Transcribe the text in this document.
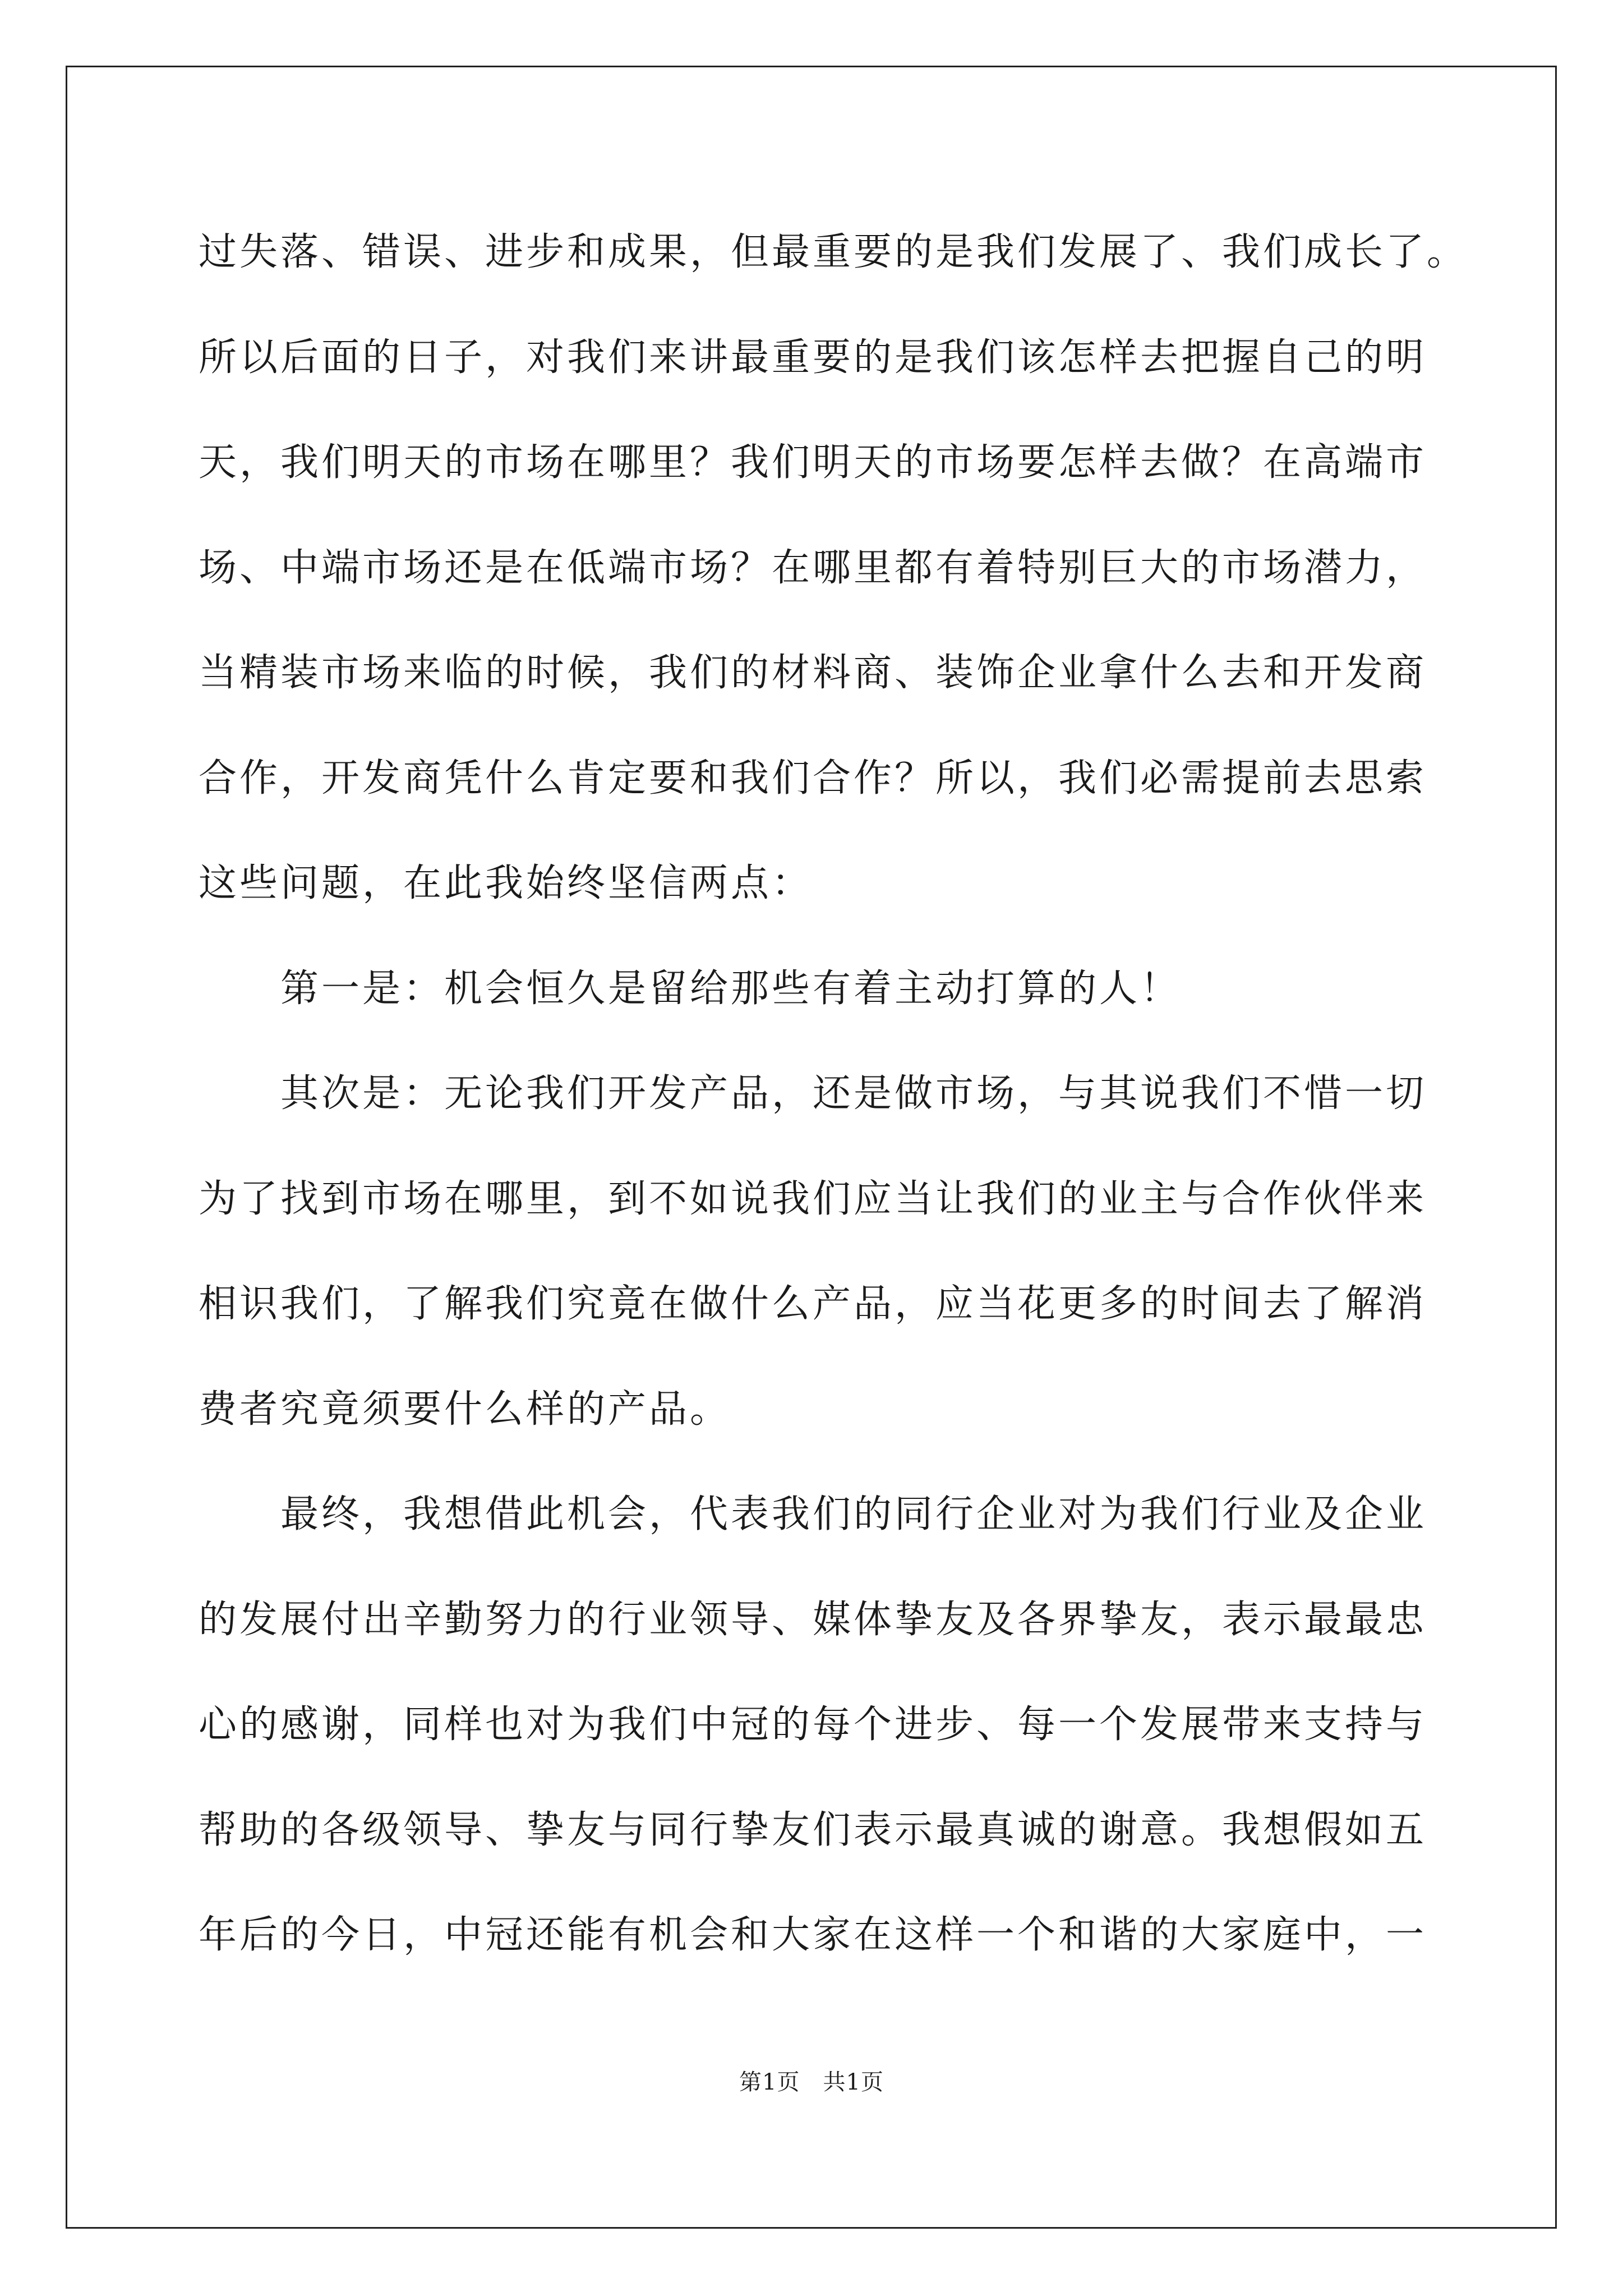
过失落、错误、进步和成果，但最重要的是我们发展了、我们成长了。
所以后面的日子，对我们来讲最重要的是我们该怎样去把握自己的明
天，我们明天的市场在哪里？我们明天的市场要怎样去做？在高端市
场、中端市场还是在低端市场？在哪里都有着特别巨大的市场潜力，
当精装市场来临的时候，我们的材料商、装饰企业拿什么去和开发商
合作，开发商凭什么肯定要和我们合作？所以，我们必需提前去思索
这些问题，在此我始终坚信两点：
　　第一是：机会恒久是留给那些有着主动打算的人！
　　其次是：无论我们开发产品，还是做市场，与其说我们不惜一切
为了找到市场在哪里，到不如说我们应当让我们的业主与合作伙伴来
相识我们，了解我们究竟在做什么产品，应当花更多的时间去了解消
费者究竟须要什么样的产品。
　　最终，我想借此机会，代表我们的同行企业对为我们行业及企业
的发展付出辛勤努力的行业领导、媒体挚友及各界挚友，表示最最忠
心的感谢，同样也对为我们中冠的每个进步、每一个发展带来支持与
帮助的各级领导、挚友与同行挚友们表示最真诚的谢意。我想假如五
年后的今日，中冠还能有机会和大家在这样一个和谐的大家庭中，一
第1页　共1页
